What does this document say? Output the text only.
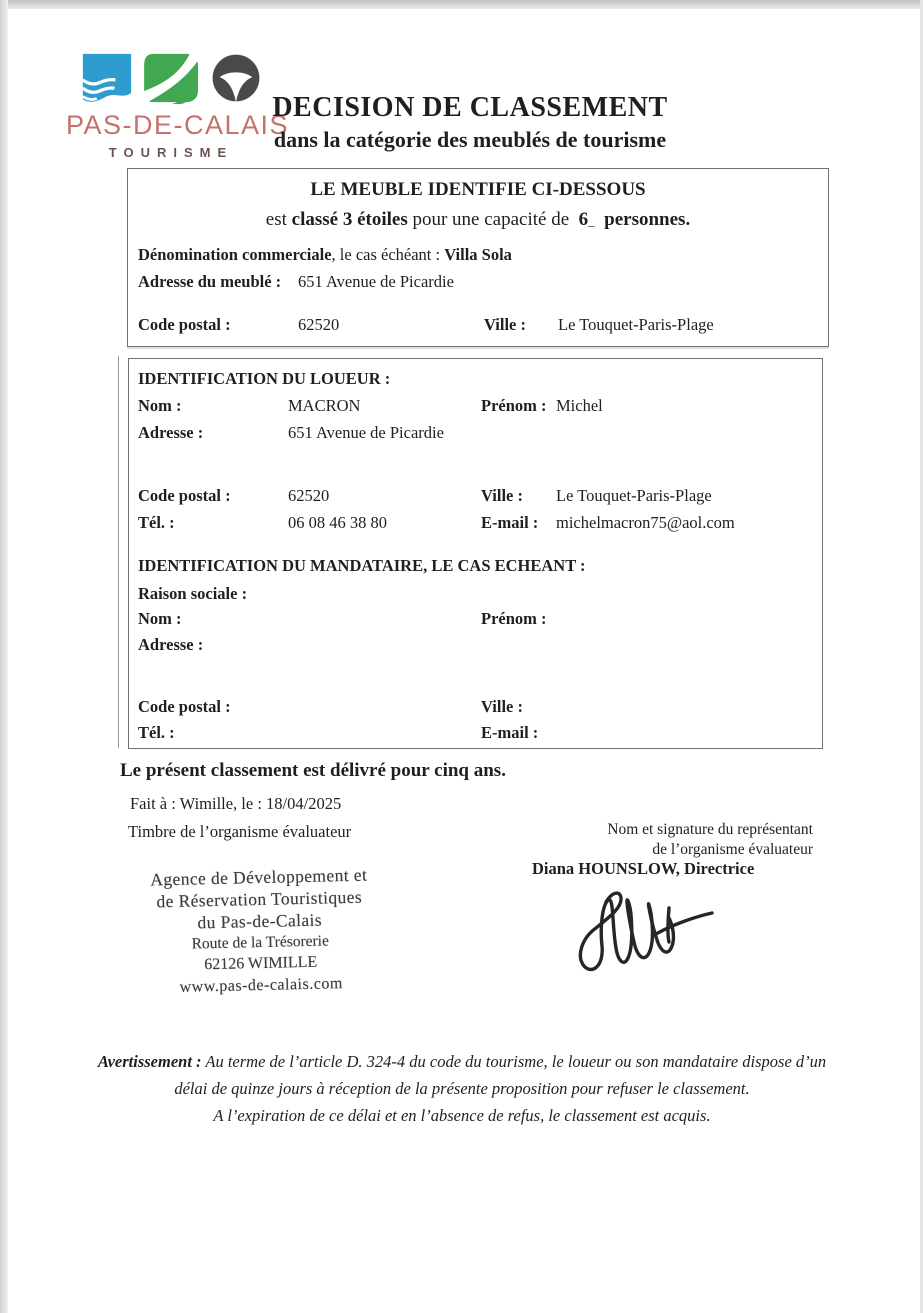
PAS-DE-CALAIS
TOURISME
DECISION DE CLASSEMENT
dans la catégorie des meublés de tourisme
LE MEUBLE IDENTIFIE CI-DESSOUS
est classé 3 étoiles pour une capacité de  6_  personnes.
Dénomination commerciale, le cas échéant : Villa Sola
Adresse du meublé : 651 Avenue de Picardie
Code postal :	62520	Ville : Le Touquet-Paris-Plage
IDENTIFICATION DU LOUEUR :
Nom :	MACRON	Prénom : Michel
Adresse :	651 Avenue de Picardie
Code postal :	62520	Ville : Le Touquet-Paris-Plage
Tél. :	06 08 46 38 80	E-mail : michelmacron75@aol.com
IDENTIFICATION DU MANDATAIRE, LE CAS ECHEANT :
Raison sociale :
Nom :	Prénom :
Adresse :
Code postal :	Ville :
Tél. :	E-mail :
Le présent classement est délivré pour cinq ans.
Fait à : Wimille, le : 18/04/2025
Timbre de l’organisme évaluateur	Nom et signature du représentant
de l’organisme évaluateur
Diana HOUNSLOW, Directrice
Agence de Développement et
de Réservation Touristiques
du Pas-de-Calais
Route de la Trésorerie
62126 WIMILLE
www.pas-de-calais.com
Avertissement : Au terme de l’article D. 324-4 du code du tourisme, le loueur ou son mandataire dispose d’un
délai de quinze jours à réception de la présente proposition pour refuser le classement.
A l’expiration de ce délai et en l’absence de refus, le classement est acquis.
